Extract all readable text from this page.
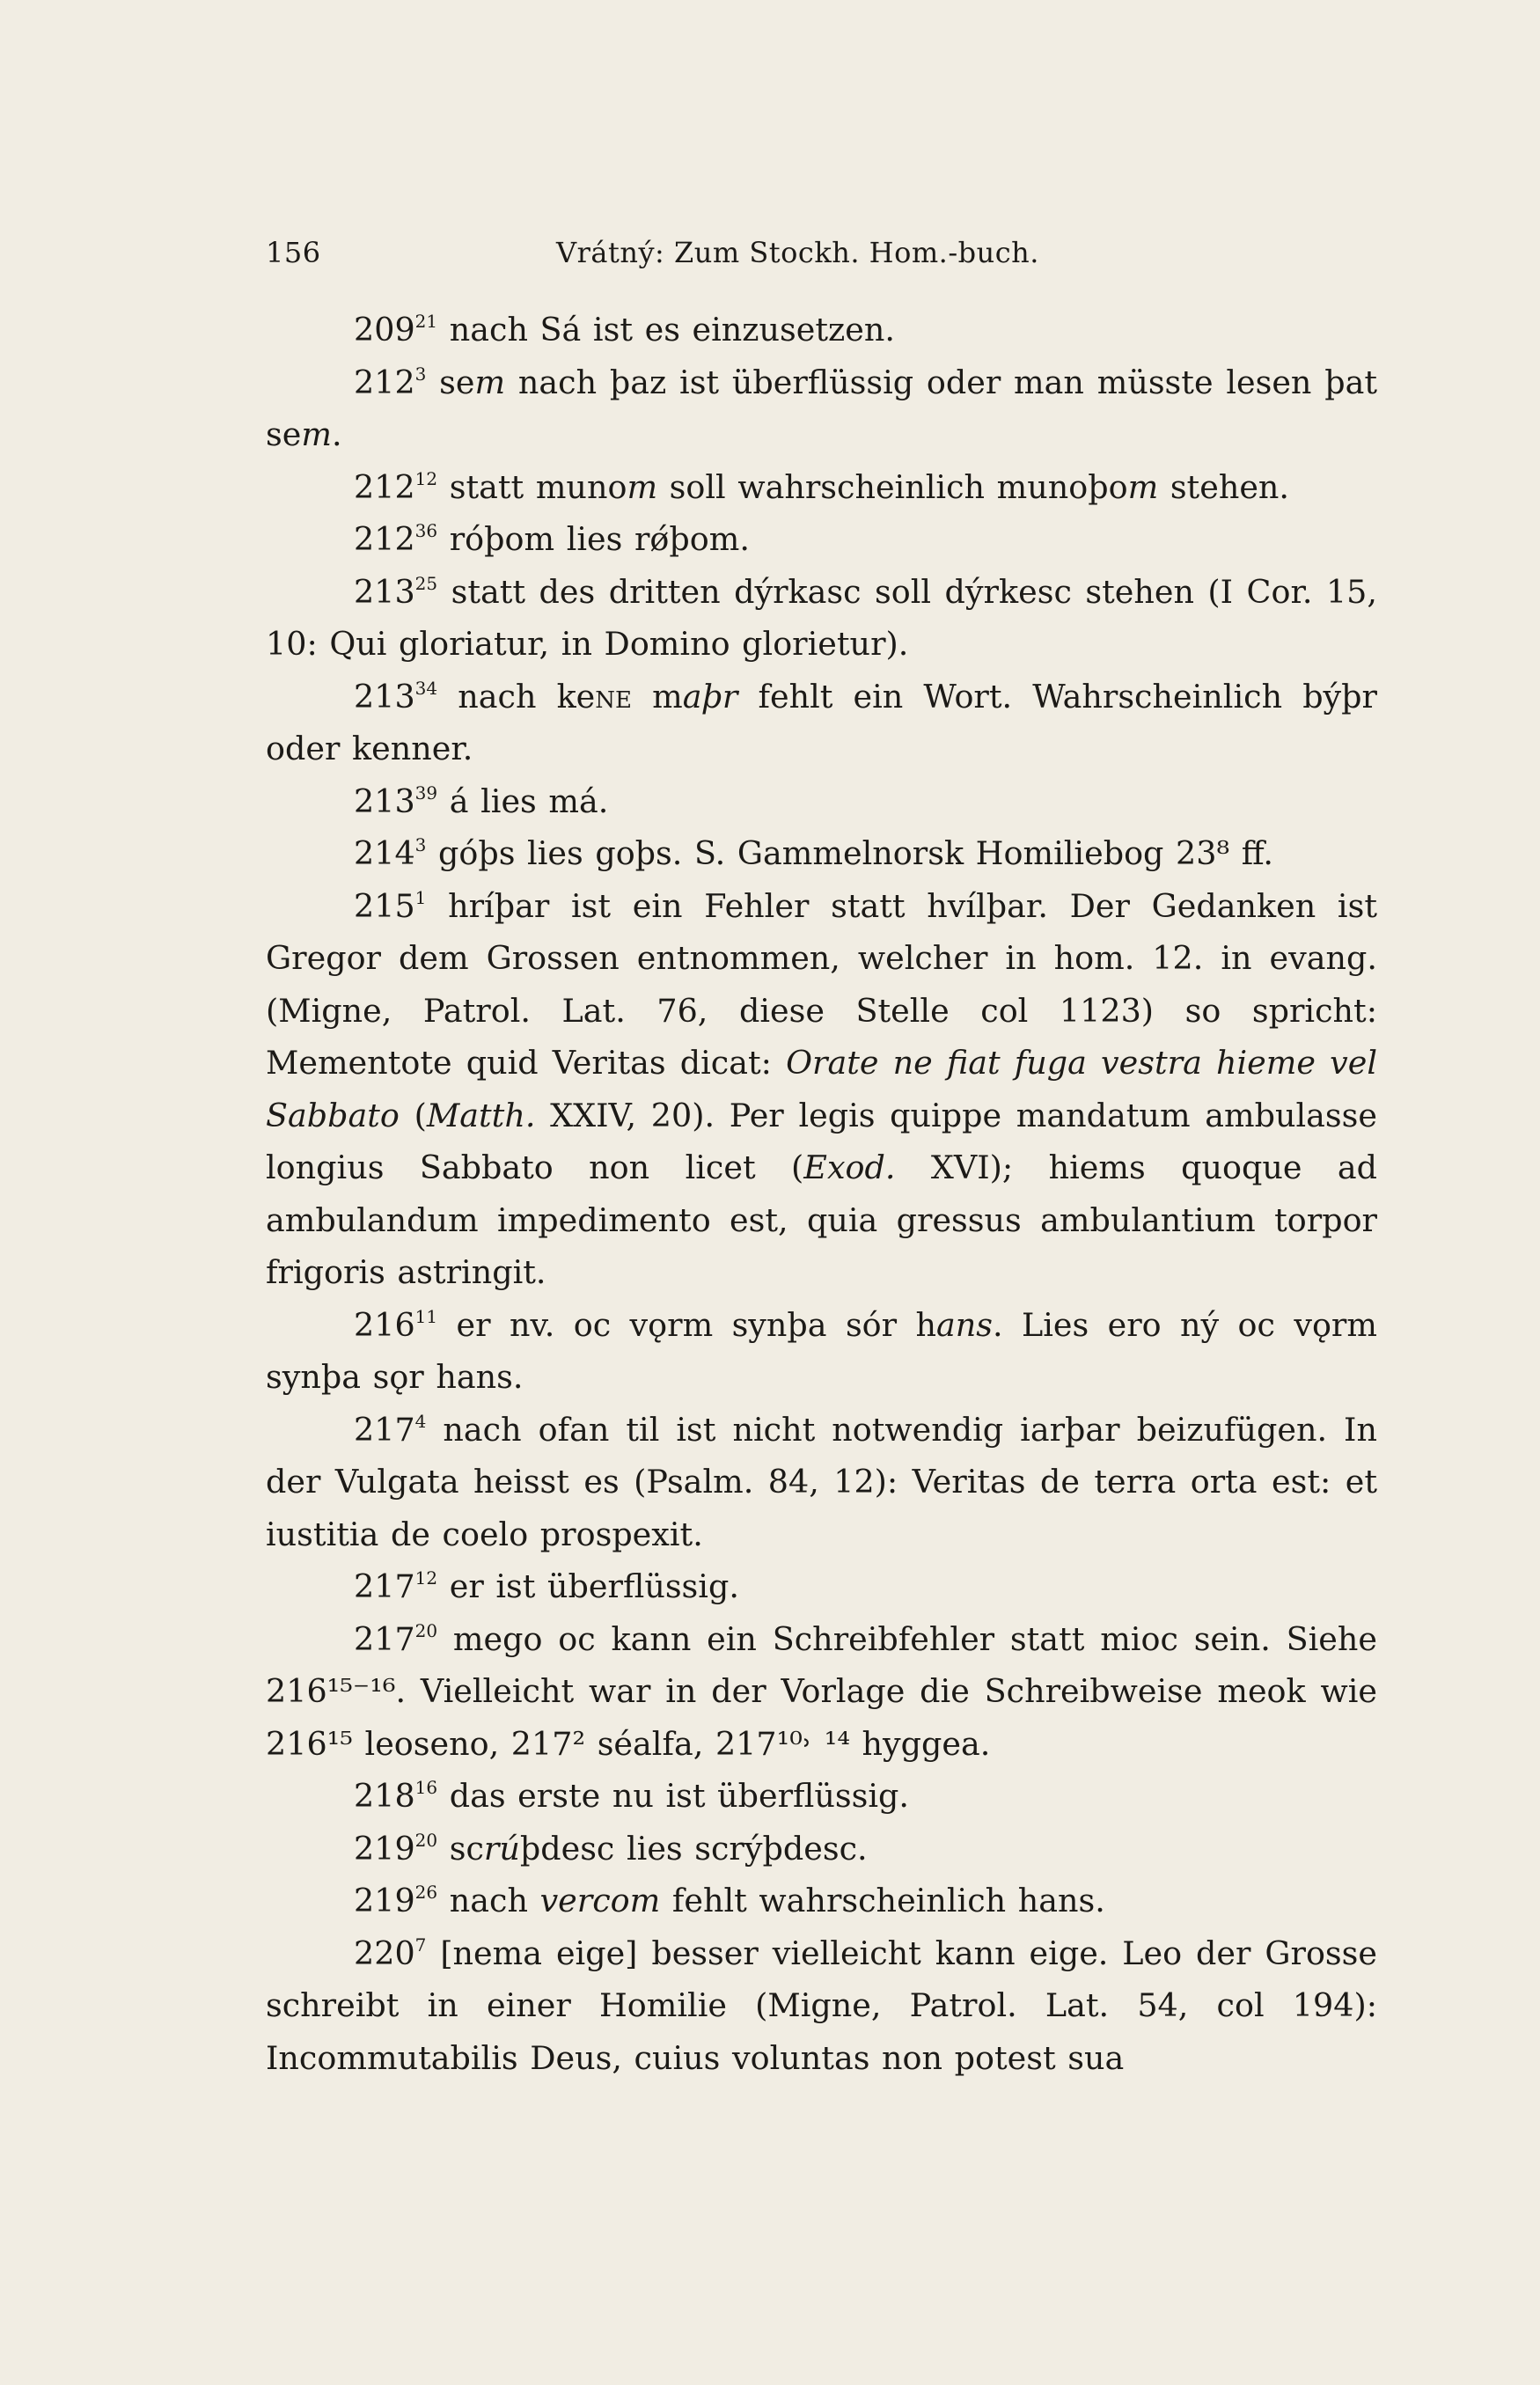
156	Vrátný: Zum Stockh. Hom.-buch.

$209^{21}$ nach Sá ist es einzusetzen.

$212^3$ sem nach þaz ist überflüssig oder man müsste lesen þat sem.

$212^{12}$ statt munom soll wahrscheinlich munoþom stehen.

$212^{36}$ róþom lies rǿþom.

$213^{25}$ statt des dritten dýrkasc soll dýrkesc stehen (I Cor. 15, 10: Qui gloriatur, in Domino glorietur).

$213^{34}$ nach kene maþr fehlt ein Wort. Wahrscheinlich býþr oder kenner.

$213^{39}$ á lies má.

$214^3$ góþs lies goþs. S. Gammelnorsk Homiliebog 23⁸ ff.

$215^1$ hríþar ist ein Fehler statt hvílþar. Der Gedanken ist Gregor dem Grossen entnommen, welcher in hom. 12. in evang. (Migne, Patrol. Lat. 76, diese Stelle col 1123) so spricht: Mementote quid Veritas dicat: Orate ne fiat fuga vestra hieme vel Sabbato (Matth. XXIV, 20). Per legis quippe mandatum ambulasse longius Sabbato non licet (Exod. XVI); hiems quoque ad ambulandum impedimento est, quia gressus ambulantium torpor frigoris astringit.

$216^{11}$ er nv. oc vǫrm synþa sór hans. Lies ero ný oc vǫrm synþa sǫr hans.

$217^4$ nach ofan til ist nicht notwendig iarþar beizufügen. In der Vulgata heisst es (Psalm. 84, 12): Veritas de terra orta est: et iustitia de coelo prospexit.

$217^{12}$ er ist überflüssig.

$217^{20}$ mego oc kann ein Schreibfehler statt mioc sein. Siehe 216¹⁵⁻¹⁶. Vielleicht war in der Vorlage die Schreibweise meok wie 216¹⁵ leoseno, 217² séalfa, 217¹⁰˒ ¹⁴ hyggea.

$218^{16}$ das erste nu ist überflüssig.

$219^{20}$ scrúþdesc lies scrýþdesc.

$219^{26}$ nach vercom fehlt wahrscheinlich hans.

$220^7$ [nema eige] besser vielleicht kann eige. Leo der Grosse schreibt in einer Homilie (Migne, Patrol. Lat. 54, col 194): Incommutabilis Deus, cuius voluntas non potest sua
